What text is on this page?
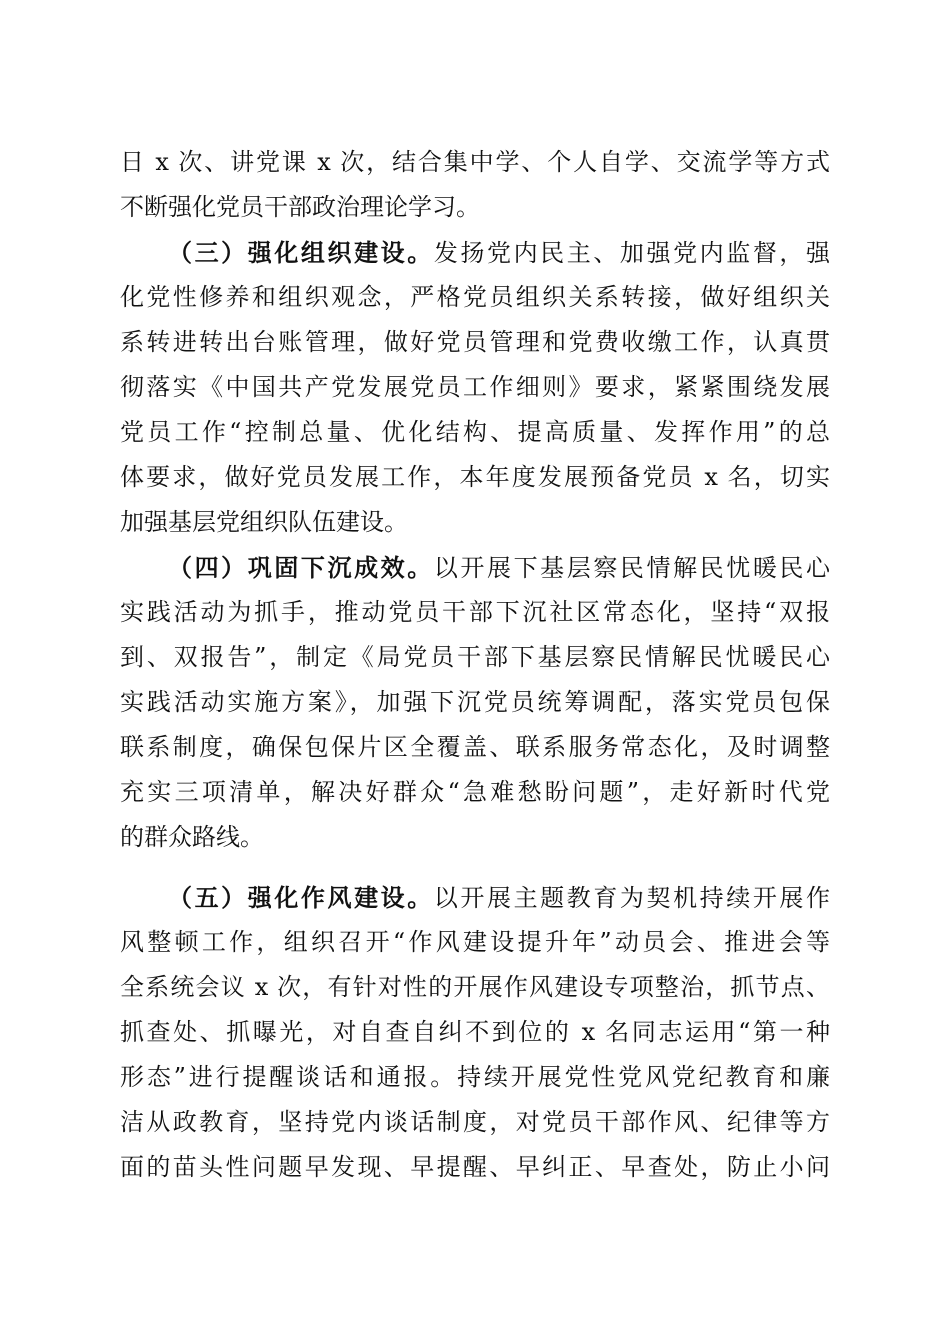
日 x 次、讲党课 x 次，结合集中学、个人自学、交流学等方式
不断强化党员干部政治理论学习。
（三）强化组织建设。发扬党内民主、加强党内监督，强
化党性修养和组织观念，严格党员组织关系转接，做好组织关
系转进转出台账管理，做好党员管理和党费收缴工作，认真贯
彻落实《中国共产党发展党员工作细则》要求，紧紧围绕发展
党员工作“控制总量、优化结构、提高质量、发挥作用”的总
体要求，做好党员发展工作，本年度发展预备党员 x 名，切实
加强基层党组织队伍建设。
（四）巩固下沉成效。以开展下基层察民情解民忧暖民心
实践活动为抓手，推动党员干部下沉社区常态化，坚持“双报
到、双报告”，制定《局党员干部下基层察民情解民忧暖民心
实践活动实施方案》，加强下沉党员统筹调配，落实党员包保
联系制度，确保包保片区全覆盖、联系服务常态化，及时调整
充实三项清单，解决好群众“急难愁盼问题”，走好新时代党
的群众路线。
（五）强化作风建设。以开展主题教育为契机持续开展作
风整顿工作，组织召开“作风建设提升年”动员会、推进会等
全系统会议 x 次，有针对性的开展作风建设专项整治，抓节点、
抓查处、抓曝光，对自查自纠不到位的 x 名同志运用“第一种
形态”进行提醒谈话和通报。持续开展党性党风党纪教育和廉
洁从政教育，坚持党内谈话制度，对党员干部作风、纪律等方
面的苗头性问题早发现、早提醒、早纠正、早查处，防止小问
